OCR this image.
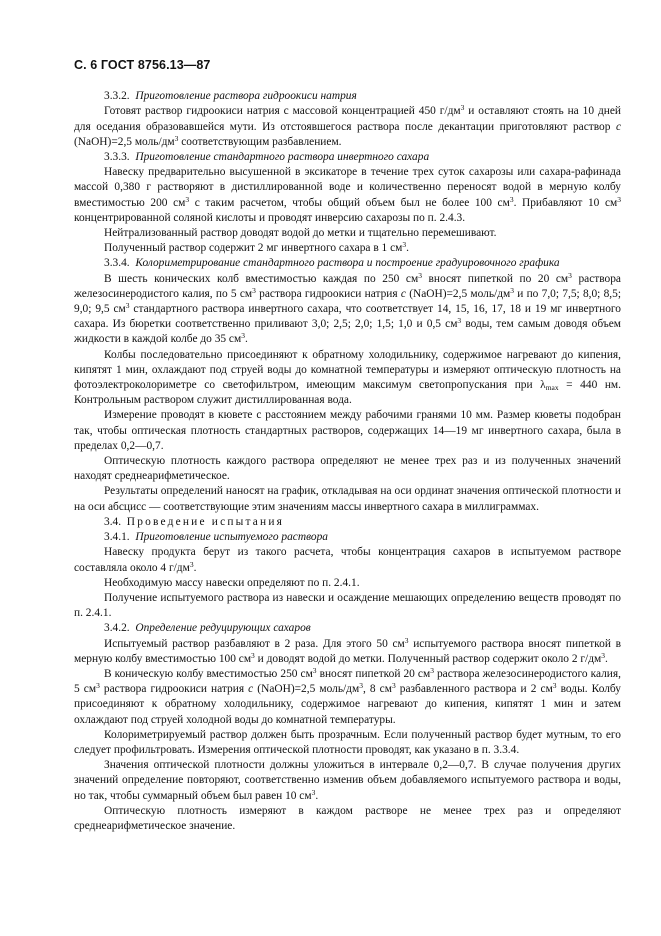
С. 6 ГОСТ 8756.13—87

3.3.2. Приготовление раствора гидроокиси натрия

Готовят раствор гидроокиси натрия с массовой концентрацией 450 $г/дм^3$ и оставляют стоять на 10 дней для оседания образовавшейся мути. Из отстоявшегося раствора после декантации приготовляют раствор c (NaOH)=2,5 моль/$дм^3$ соответствующим разбавлением.

3.3.3. Приготовление стандартного раствора инвертного сахара

Навеску предварительно высушенной в эксикаторе в течение трех суток сахарозы или сахара-рафинада массой 0,380 г растворяют в дистиллированной воде и количественно переносят водой в мерную колбу вместимостью 200 $см^3$ с таким расчетом, чтобы общий объем был не более 100 $см^3$. Прибавляют 10 $см^3$ концентрированной соляной кислоты и проводят инверсию сахарозы по п. 2.4.3.

Нейтрализованный раствор доводят водой до метки и тщательно перемешивают.

Полученный раствор содержит 2 мг инвертного сахара в 1 $см^3$.

3.3.4. Колориметрирование стандартного раствора и построение градуировочного графика

В шесть конических колб вместимостью каждая по 250 $см^3$ вносят пипеткой по 20 $см^3$ раствора железосинеродистого калия, по 5 $см^3$ раствора гидроокиси натрия c (NaOH)=2,5 моль/$дм^3$ и по 7,0; 7,5; 8,0; 8,5; 9,0; 9,5 $см^3$ стандартного раствора инвертного сахара, что соответствует 14, 15, 16, 17, 18 и 19 мг инвертного сахара. Из бюретки соответственно приливают 3,0; 2,5; 2,0; 1,5; 1,0 и 0,5 $см^3$ воды, тем самым доводя объем жидкости в каждой колбе до 35 $см^3$.

Колбы последовательно присоединяют к обратному холодильнику, содержимое нагревают до кипения, кипятят 1 мин, охлаждают под струей воды до комнатной температуры и измеряют оптическую плотность на фотоэлектроколориметре со светофильтром, имеющим максимум светопропускания при $\lambda_{max} = 440$ нм. Контрольным раствором служит дистиллированная вода.

Измерение проводят в кювете с расстоянием между рабочими гранями 10 мм. Размер кюветы подобран так, чтобы оптическая плотность стандартных растворов, содержащих 14—19 мг инвертного сахара, была в пределах 0,2—0,7.

Оптическую плотность каждого раствора определяют не менее трех раз и из полученных значений находят среднеарифметическое.

Результаты определений наносят на график, откладывая на оси ординат значения оптической плотности и на оси абсцисс — соответствующие этим значениям массы инвертного сахара в миллиграммах.

3.4. Проведение испытания

3.4.1. Приготовление испытуемого раствора

Навеску продукта берут из такого расчета, чтобы концентрация сахаров в испытуемом растворе составляла около 4 $г/дм^3$.

Необходимую массу навески определяют по п. 2.4.1.

Получение испытуемого раствора из навески и осаждение мешающих определению веществ проводят по п. 2.4.1.

3.4.2. Определение редуцирующих сахаров

Испытуемый раствор разбавляют в 2 раза. Для этого 50 $см^3$ испытуемого раствора вносят пипеткой в мерную колбу вместимостью 100 $см^3$ и доводят водой до метки. Полученный раствор содержит около 2 $г/дм^3$.

В коническую колбу вместимостью 250 $см^3$ вносят пипеткой 20 $см^3$ раствора железосинеродистого калия, 5 $см^3$ раствора гидроокиси натрия c (NaOH)=2,5 моль/$дм^3$, 8 $см^3$ разбавленного раствора и 2 $см^3$ воды. Колбу присоединяют к обратному холодильнику, содержимое нагревают до кипения, кипятят 1 мин и затем охлаждают под струей холодной воды до комнатной температуры.

Колориметрируемый раствор должен быть прозрачным. Если полученный раствор будет мутным, то его следует профильтровать. Измерения оптической плотности проводят, как указано в п. 3.3.4.

Значения оптической плотности должны уложиться в интервале 0,2—0,7. В случае получения других значений определение повторяют, соответственно изменив объем добавляемого испытуемого раствора и воды, но так, чтобы суммарный объем был равен 10 $см^3$.

Оптическую плотность измеряют в каждом растворе не менее трех раз и определяют среднеарифметическое значение.
